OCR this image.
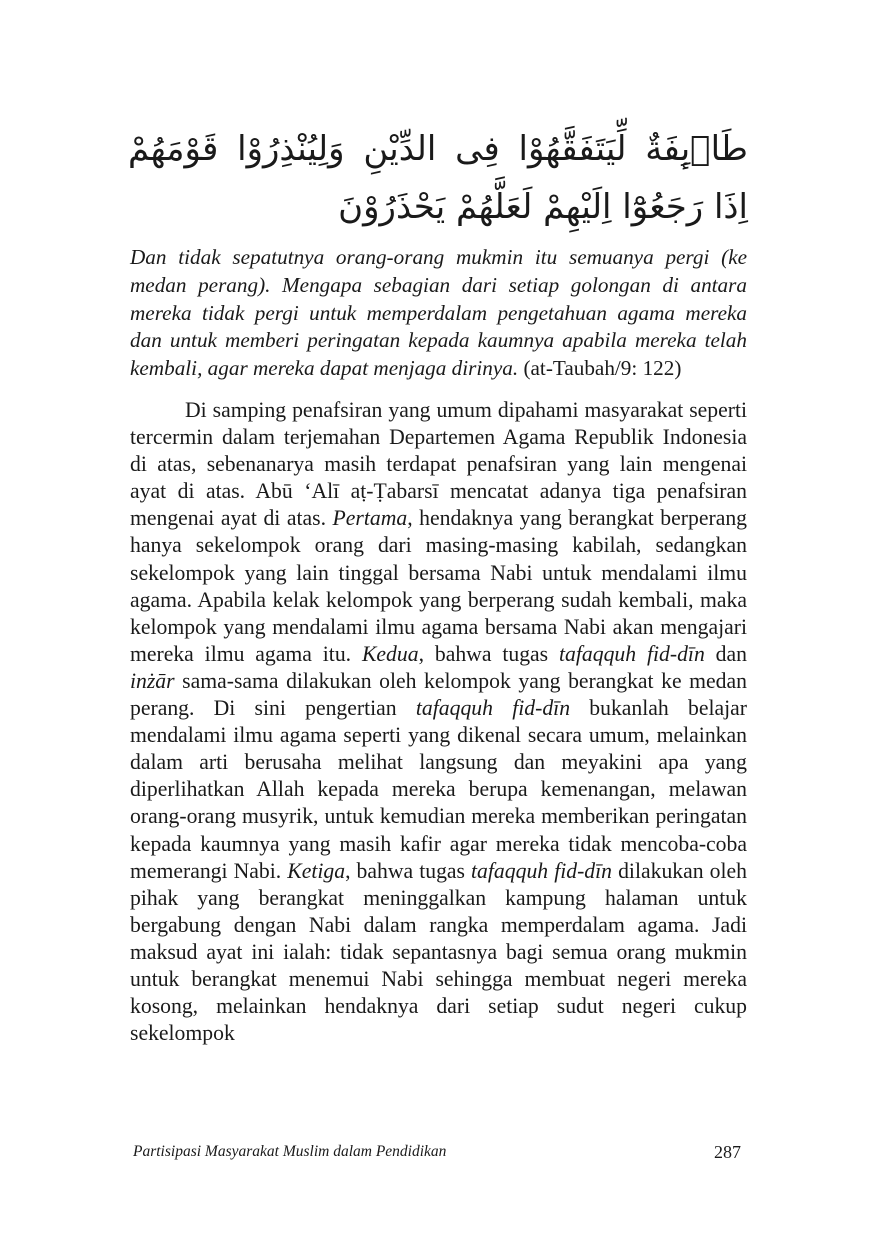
طَاۤىِٕفَةٌ لِّيَتَفَقَّهُوْا فِى الدِّيْنِ وَلِيُنْذِرُوْا قَوْمَهُمْ اِذَا رَجَعُوْٓا اِلَيْهِمْ لَعَلَّهُمْ يَحْذَرُوْنَ

Dan tidak sepatutnya orang-orang mukmin itu semuanya pergi (ke medan perang). Mengapa sebagian dari setiap golongan di antara mereka tidak pergi untuk memperdalam pengetahuan agama mereka dan untuk memberi peringatan kepada kaumnya apabila mereka telah kembali, agar mereka dapat menjaga dirinya. (at-Taubah/9: 122)

Di samping penafsiran yang umum dipahami masyarakat seperti tercermin dalam terjemahan Departemen Agama Republik Indonesia di atas, sebenanarya masih terdapat penafsiran yang lain mengenai ayat di atas. Abū ‘Alī aṭ-Ṭabarsī mencatat adanya tiga penafsiran mengenai ayat di atas. Pertama, hendaknya yang berangkat berperang hanya sekelompok orang dari masing-masing kabilah, sedangkan sekelompok yang lain tinggal bersama Nabi untuk mendalami ilmu agama. Apabila kelak kelompok yang berperang sudah kembali, maka kelompok yang mendalami ilmu agama bersama Nabi akan mengajari mereka ilmu agama itu. Kedua, bahwa tugas tafaqquh fid-dīn dan inżār sama-sama dilakukan oleh kelompok yang berangkat ke medan perang. Di sini pengertian tafaqquh fid-dīn bukanlah belajar mendalami ilmu agama seperti yang dikenal secara umum, melainkan dalam arti berusaha melihat langsung dan meyakini apa yang diperlihatkan Allah kepada mereka berupa kemenangan, melawan orang-orang musyrik, untuk kemudian mereka memberikan peringatan kepada kaumnya yang masih kafir agar mereka tidak mencoba-coba memerangi Nabi. Ketiga, bahwa tugas tafaqquh fid-dīn dilakukan oleh pihak yang berangkat meninggalkan kampung halaman untuk bergabung dengan Nabi dalam rangka memperdalam agama. Jadi maksud ayat ini ialah: tidak sepantasnya bagi semua orang mukmin untuk berangkat menemui Nabi sehingga membuat negeri mereka kosong, melainkan hendaknya dari setiap sudut negeri cukup sekelompok

Partisipasi Masyarakat Muslim dalam Pendidikan	287
